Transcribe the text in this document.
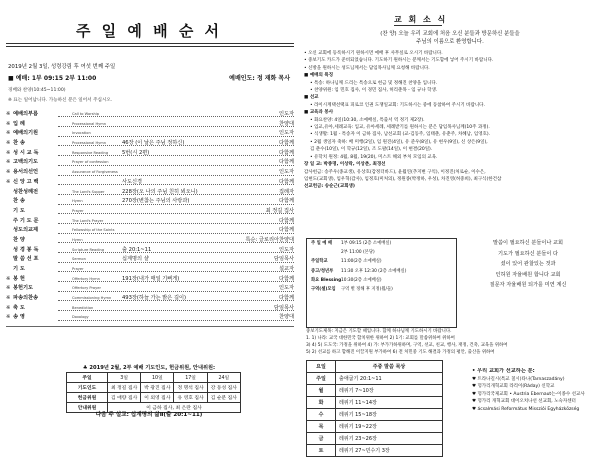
주 일 예 배 순 서
2019년 2월 3일, 성령강림 후 여섯 번째 주일
■ 예배: 1부 09:15 2부 11:00	예배인도: 정 재화 목사
경배와 찬양(10:45~11:00)
※ 표는 일어납니다. 가능하신 분은 일어서 주십시오.
※ 예배의부름	Call to Worship	인도자
※ 입 례	Processional Hymn	찬양대
※ 예배의기원	Invocation	인도자
※ 찬 송	Processional Hymn	46장 (이 날은 주님 정하신)	다함께
※ 성 시 교 독	Responsive Reading	5번(시 2편)	다함께
※ 고백의기도	Prayer of confession	다함께
※ 용서의선언	Assurance of Forgiveness	인도자
※ 신 앙 고 백	사도신경	다함께
성찬성례전	The Lord's Supper	228장(오 나의 주님 친히 뵈오니)	집례자
찬 송	Hymn	270장(변찮는 주님의 사랑과)	다함께
기 도	Prayer	최 정길 집사
주 기 도 문	The Lord's Prayer	다함께
성도의교제	Fellowship of the Saints	다함께
찬 양	Hymn	특순: 글로리아찬양대
성 경 봉 독	Scripture Reading	출 20:1~11	인도자
말 씀 선 포	Sermon	십계명의 샬	담임목사
기 도	Prayer	설교자
※ 봉 헌	Offertory Hymn	191장(내가 매일 기뻐게)	다함께
※ 봉헌기도	Offertory Prayer	인도자
※ 파송의찬송	Commissioning Hymn 493장(하늘 가는 밝은 길이)	다함께
※ 축 도	Benediction	담임목사
※ 송 영	Doxology	찬양대
♣ 2019년 2월, 2부 예배 기도인도, 헌금위원, 안내위원:
주일	3일	10일	17일	24일
기도인도	최 정길 집사	박 광진 집사	정 명석 집사	강 동성 집사
헌금위원	김 애량 집사	이 외영 집사	유 영호 집사	김 순분 집사
안내위원	이 금하 집사, 최 은란 집사			
다음 주 설교: 십계명의 삶Ⅱ(출 20:1~11)
교 회 소 식
(찬 양) 오늘 우리 교회에 처음 오신 분들과 방문하신 분들을
주님의 이름으로 환영합니다.
• 오신 교회에 등록하시기 원하시면 예배 후 사무실로 오시기 바랍니다.
• 중보기도 카드가 준비되었습니다. 기도하기 원하시는 분께서는 기도함에 넣어 주시기 바랍니다.
• 신방을 원하시는 성도님께서는 담임목사님께 요청해 바랍니다.
■ 예배의 특징
• 특송: 하나님께 드리는 특송으로 헌금 및 정해진 찬양을 입니다.
• 찬양위원: 임 민호 집사, 이 경민 집사, 허리춘목 - 임 규나 학생.
■ 선교
• 라이시계택선택표 피로코 인권 도쟁일교회: 기도하시는 중에 동참하여 주시기 바랍니다.
■ 교육과 봉사
• 화요찬양: 4일(10:30, 소예배실, 특출서 역 정기 제2장).
• 입교,유아,세례교육: 입교, 유아세례, 세례받기를 원하시는 분은 담임목사님께(10주 과정).
• 식생활: 1월 - 특송자 이 금하 집사, 남선교회 (교-김동주, 임태춘, 유춘주, 차혜남, 임영호).
• 2월 생일자 축하: 배 미행(2일), 임 원진(4일), 유 준우(8일), 유 현우(9일), 신 상은(9일),
김 춘수(10일), 이 학규(12일), 조 도팔(14일), 이 현결(20일).
• 유학치 원정: 4월, 8월, 19(20), 미스트 해외 부처 모임의 교육.
장 일 교: 박종명, 이상락, 이상춘, 최경선
감사헌금: 송주우(종교생), 유상호(감정더바드), 윤월연(추지변 구익), 이정진(처로순, 이수은,
임현도(교회생), 임우혁(감사), 임정호(미처의), 정원종(박정하, 우성), 차진영(허중희), 최구식(한건삼
선교헌금: 송순근(교회생)
주 일 예 배 1부 09:15 (2층 소예배실)
2부 11:00 (본당)
주일학교	11:00(2층 소예배실)
중고/청년부 11:30 오후 12:30 (2층 소예배실)
화요 Blessing 10:30(2층 소예배실)
구역(셀)모임 구역 별 정해 후 지정(월/둘)
말씀이 필요하신 분들이나 교회
기도가 필요하신 분들이 다
셨이 있어 관찰있는 것과
인허원 자율배원 합니다 교회
질문자 자율배원 되가를 미연 계신
중보기도제목: 지금은 기도할 때입니다. 함께 하나님께 기도하시기 바랍니다.
1. 1) 나라: 교국 대한민국 합치위한 위하여 2) 1기: 교회를 말씀위하여 위하여
3) 4) 5) 도도국: 가정을 위하여 4) 가: 부가가하위하며, 구역, 선교, 친교, 행사, 재정, 건축, 교육을 위하여
5) 2) 선교를 하고 합해진 이끌지원 부가하여 6) 전 처민중 기도 해결과 가정의 평안, 출산을 위하여
요일	주중 말씀 묵상
주일	출애굽기 20:1~11
월	레위기 7~10장
화	레위기 11~14장
수	레위기 15~18장
목	레위기 19~22장
금	레위기 23~26장
토	레위기 27~민수기 3장
• 우리 교회가 선교하는 분:
♥ 트라나길시(특교 칠시)타나(Tarnaszadány)
♥ 헝가리개혁교회 라리이(Ráday) 신학교
♥ 헝가리국제교회 • Austria Ebernaut는-이종수 선교사
♥ 헝가리 개혁교회 대이오치나선 선교회, 노숙자센터
♥ ácsalmási Református Missziói Egyházközség
